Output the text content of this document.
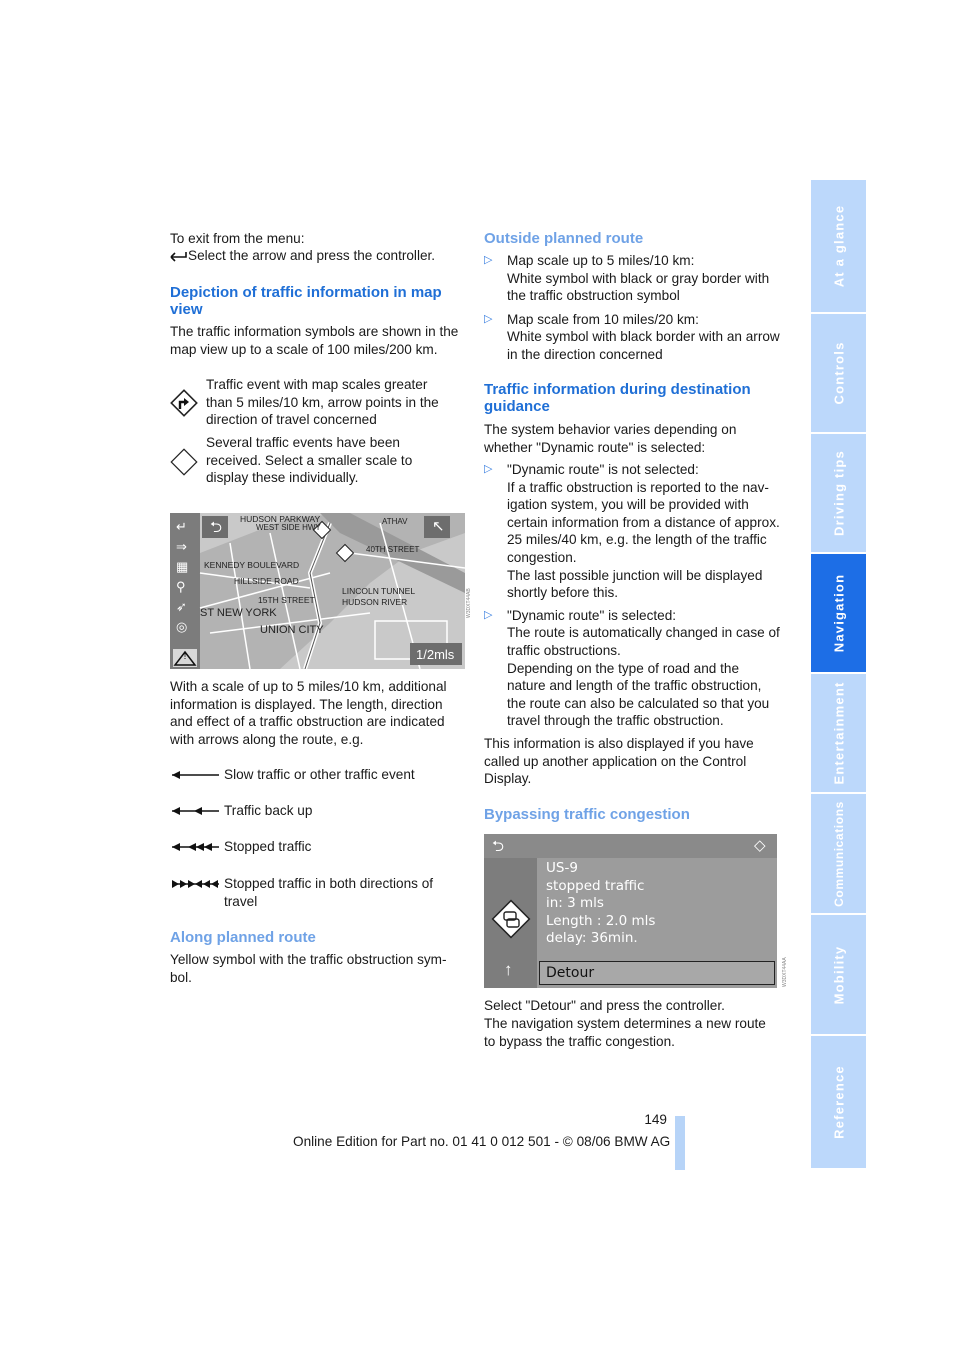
To exit from the menu:
Select the arrow and press the controller.
Depiction of traffic information in map view
The traffic information symbols are shown in the map view up to a scale of 100 miles/200 km.
Traffic event with map scales greater than 5 miles/10 km, arrow points in the direction of travel concerned
Several traffic events have been received. Select a smaller scale to display these individually.
↵
⇒
▦
⚲
➶
◎
⮌	↖
HUDSON PARKWAY
WEST SIDE HWY
ATHAV
40TH STREET
KENNEDY BOULEVARD
HILLSIDE ROAD
15TH STREET
LINCOLN TUNNEL
HUDSON RIVER
ST NEW YORK
UNION CITY
1/2mls
!
W3DXT44AB
With a scale of up to 5 miles/10 km, additional information is displayed. The length, direction and effect of a traffic obstruction are indicated with arrows along the route, e.g.
Slow traffic or other traffic event
Traffic back up
Stopped traffic
Stopped traffic in both directions of travel
Along planned route
Yellow symbol with the traffic obstruction sym-bol.
Outside planned route
▷ Map scale up to 5 miles/10 km:
White symbol with black or gray border with the traffic obstruction symbol
▷ Map scale from 10 miles/20 km:
White symbol with black border with an arrow in the direction concerned
Traffic information during destination guidance
The system behavior varies depending on whether "Dynamic route" is selected:
▷ "Dynamic route" is not selected:
If a traffic obstruction is reported to the nav-igation system, you will be provided with certain information from a distance of approx. 25 miles/40 km, e.g. the length of the traffic congestion.
The last possible junction will be displayed shortly before this.
▷ "Dynamic route" is selected:
The route is automatically changed in case of traffic obstructions.
Depending on the type of road and the nature and length of the traffic obstruction, the route can also be calculated so that you travel through the traffic obstruction.
This information is also displayed if you have called up another application on the Control Display.
Bypassing traffic congestion
⮌	◇
↑
US-9
stopped traffic
in: 3 mls
Length : 2.0 mls
delay: 36min.
Detour	W3DXT44AA
Select "Detour" and press the controller.
The navigation system determines a new route to bypass the traffic congestion.
149
Online Edition for Part no. 01 41 0 012 501 - © 08/06 BMW AG
At a glance
Controls
Driving tips
Navigation
Entertainment
Communications
Mobility
Reference
